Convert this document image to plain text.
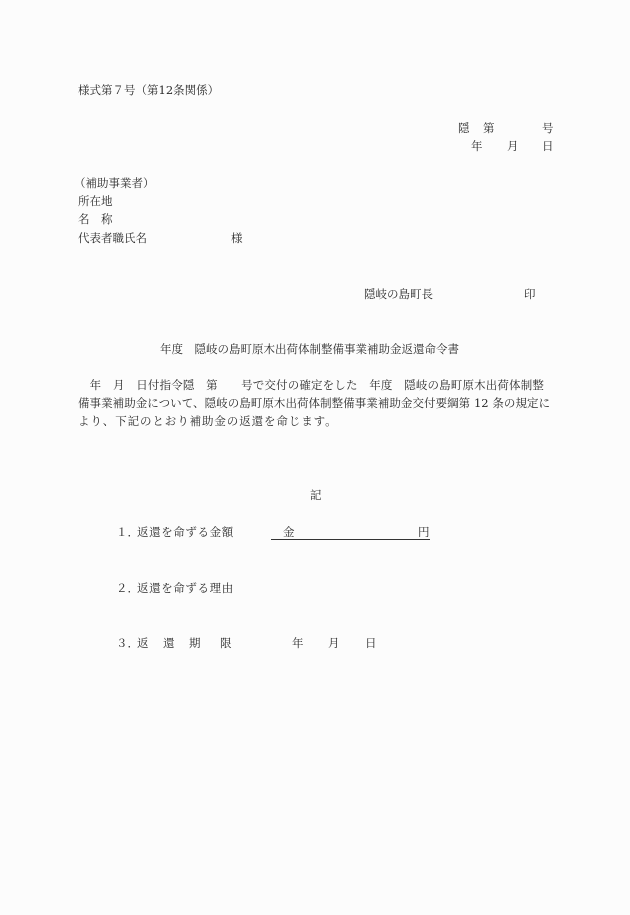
様式第７号（第12条関係）
隠 第	号
年 月 日
（補助事業者）
所在地
名　称
代表者職氏名	様
隠岐の島町長	印
年度　隠岐の島町原木出荷体制整備事業補助金返還命令書
　年　月　日付指令隠　第　　号で交付の確定をした　年度　隠岐の島町原木出荷体制整
備事業補助金について、隠岐の島町原木出荷体制整備事業補助金交付要綱第 12 条の規定に
より、下記のとおり補助金の返還を命じます。
記
１．
返還を命ずる金額	金	円
２．
返還を命ずる理由
３．
返 還 期 限	年 月 日
